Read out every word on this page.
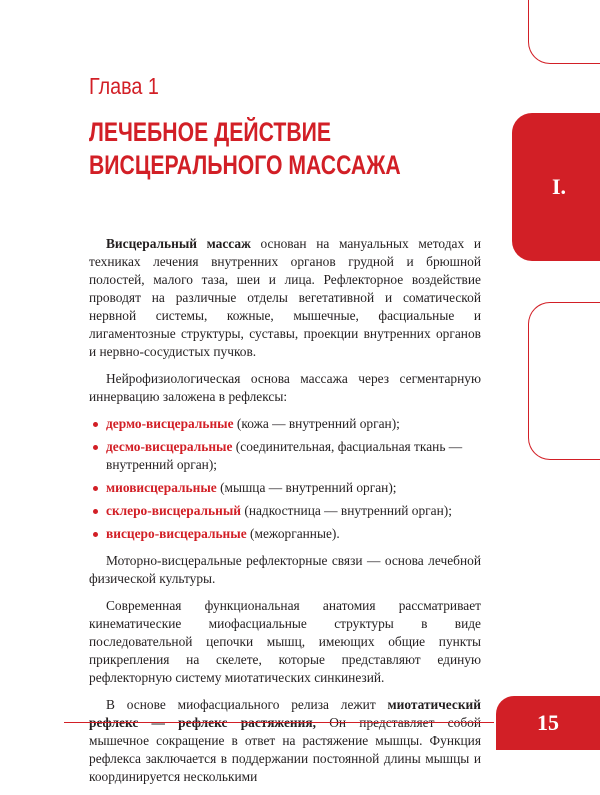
I.
Глава 1
ЛЕЧЕБНОЕ ДЕЙСТВИЕ
ВИСЦЕРАЛЬНОГО МАССАЖА

Висцеральный массаж основан на мануальных методах и техниках лечения внутренних органов грудной и брюшной полостей, малого таза, шеи и лица. Рефлекторное воздействие проводят на различные отделы вегетативной и соматической нервной системы, кожные, мышечные, фасциальные и лигаментозные структуры, суставы, проекции внутренних органов и нервно-сосудистых пучков.

Нейрофизиологическая основа массажа через сегментарную иннервацию заложена в рефлексы:

дермо-висцеральные (кожа — внутренний орган);
десмо-висцеральные (соединительная, фасциальная ткань — внутренний орган);
миовисцеральные (мышца — внутренний орган);
склеро-висцеральный (надкостница — внутренний орган);
висцеро-висцеральные (межорганные).

Моторно-висцеральные рефлекторные связи — основа лечебной физической культуры.

Современная функциональная анатомия рассматривает кинематические миофасциальные структуры в виде последовательной цепочки мышц, имеющих общие пункты прикрепления на скелете, которые представляют единую рефлекторную систему миотатических синкинезий.

В основе миофасциального релиза лежит миотатический рефлекс — рефлекс растяжения, Он представляет собой мышечное сокращение в ответ на растяжение мышцы. Функция рефлекса заключается в поддержании постоянной длины мышцы и координируется несколькими

15
